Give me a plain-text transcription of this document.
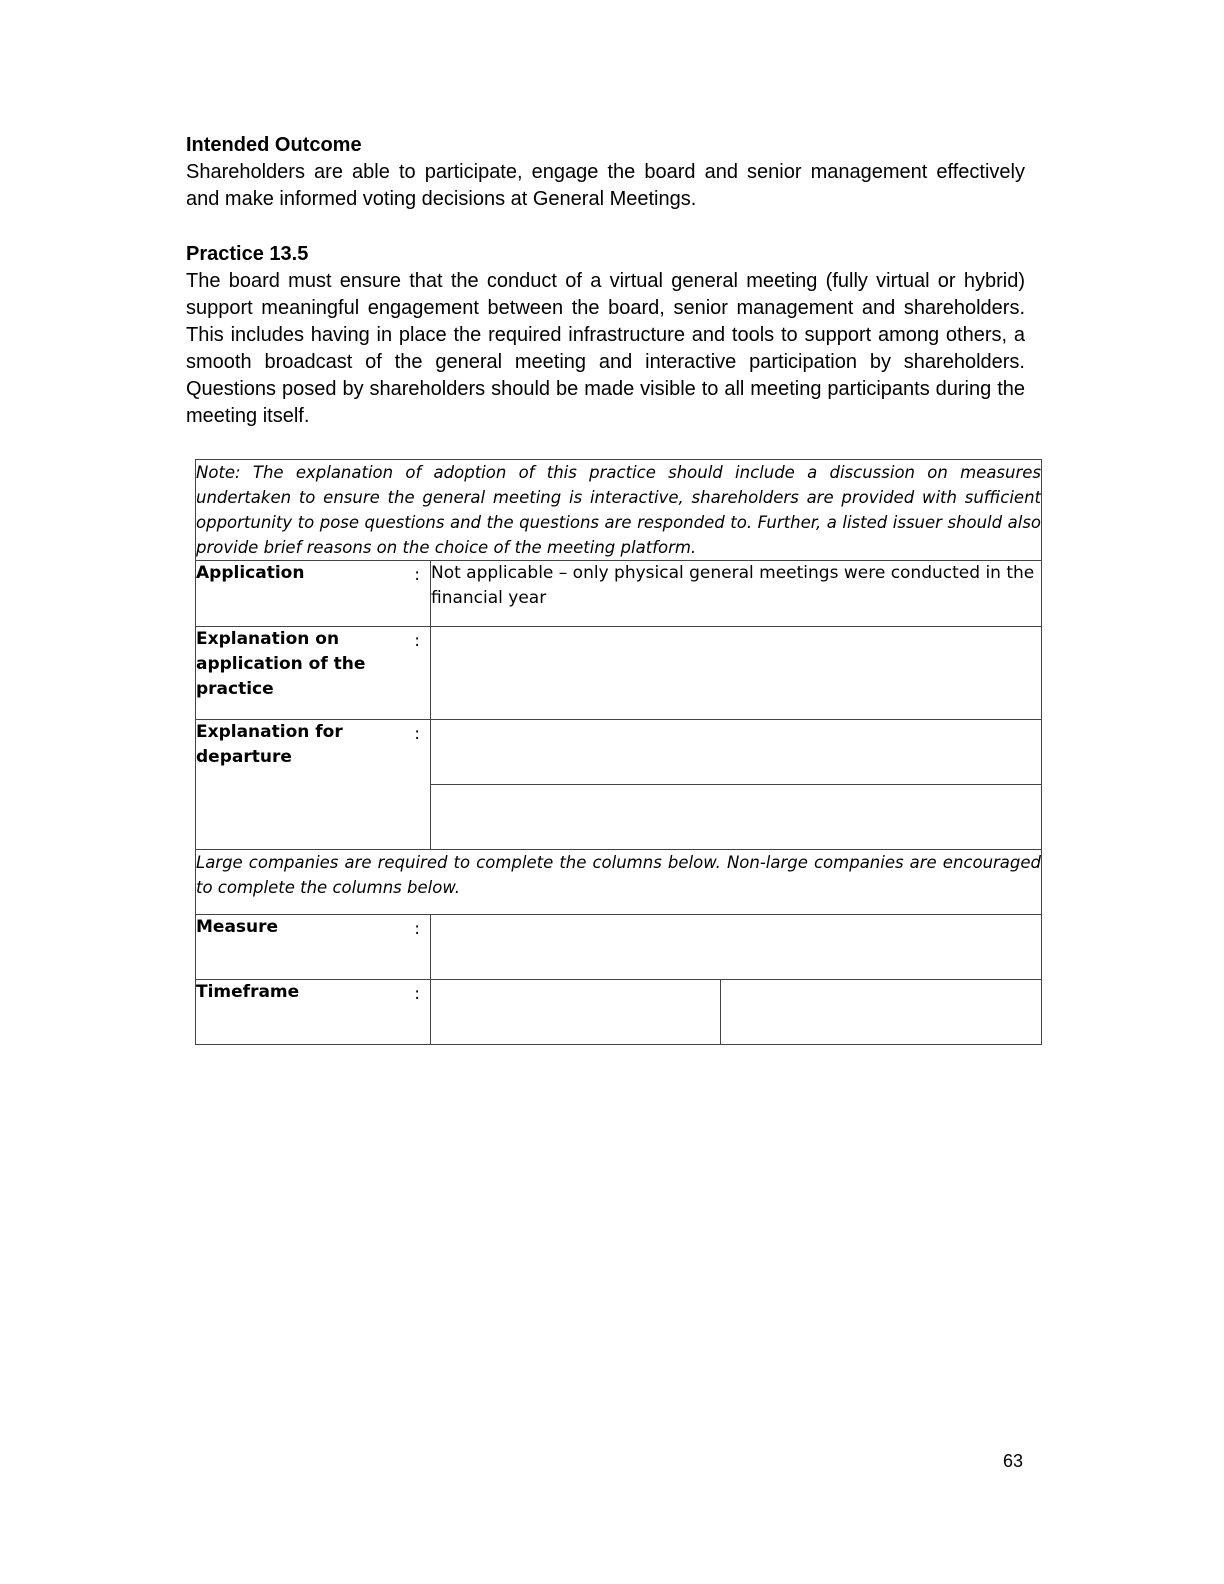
Intended Outcome

Shareholders are able to participate, engage the board and senior management effectively and make informed voting decisions at General Meetings.

Practice 13.5

The board must ensure that the conduct of a virtual general meeting (fully virtual or hybrid) support meaningful engagement between the board, senior management and shareholders. This includes having in place the required infrastructure and tools to support among others, a smooth broadcast of the general meeting and interactive participation by shareholders. Questions posed by shareholders should be made visible to all meeting participants during the meeting itself.

Note: The explanation of adoption of this practice should include a discussion on measures undertaken to ensure the general meeting is interactive, shareholders are provided with sufficient opportunity to pose questions and the questions are responded to. Further, a listed issuer should also provide brief reasons on the choice of the meeting platform.		

Application :	Not applicable – only physical general meetings were conducted in the financial year	

Explanation on application of the practice
:		

Explanation for departure
:		

Large companies are required to complete the columns below. Non-large companies are encouraged to complete the columns below.		

Measure :		

Timeframe :		

63
